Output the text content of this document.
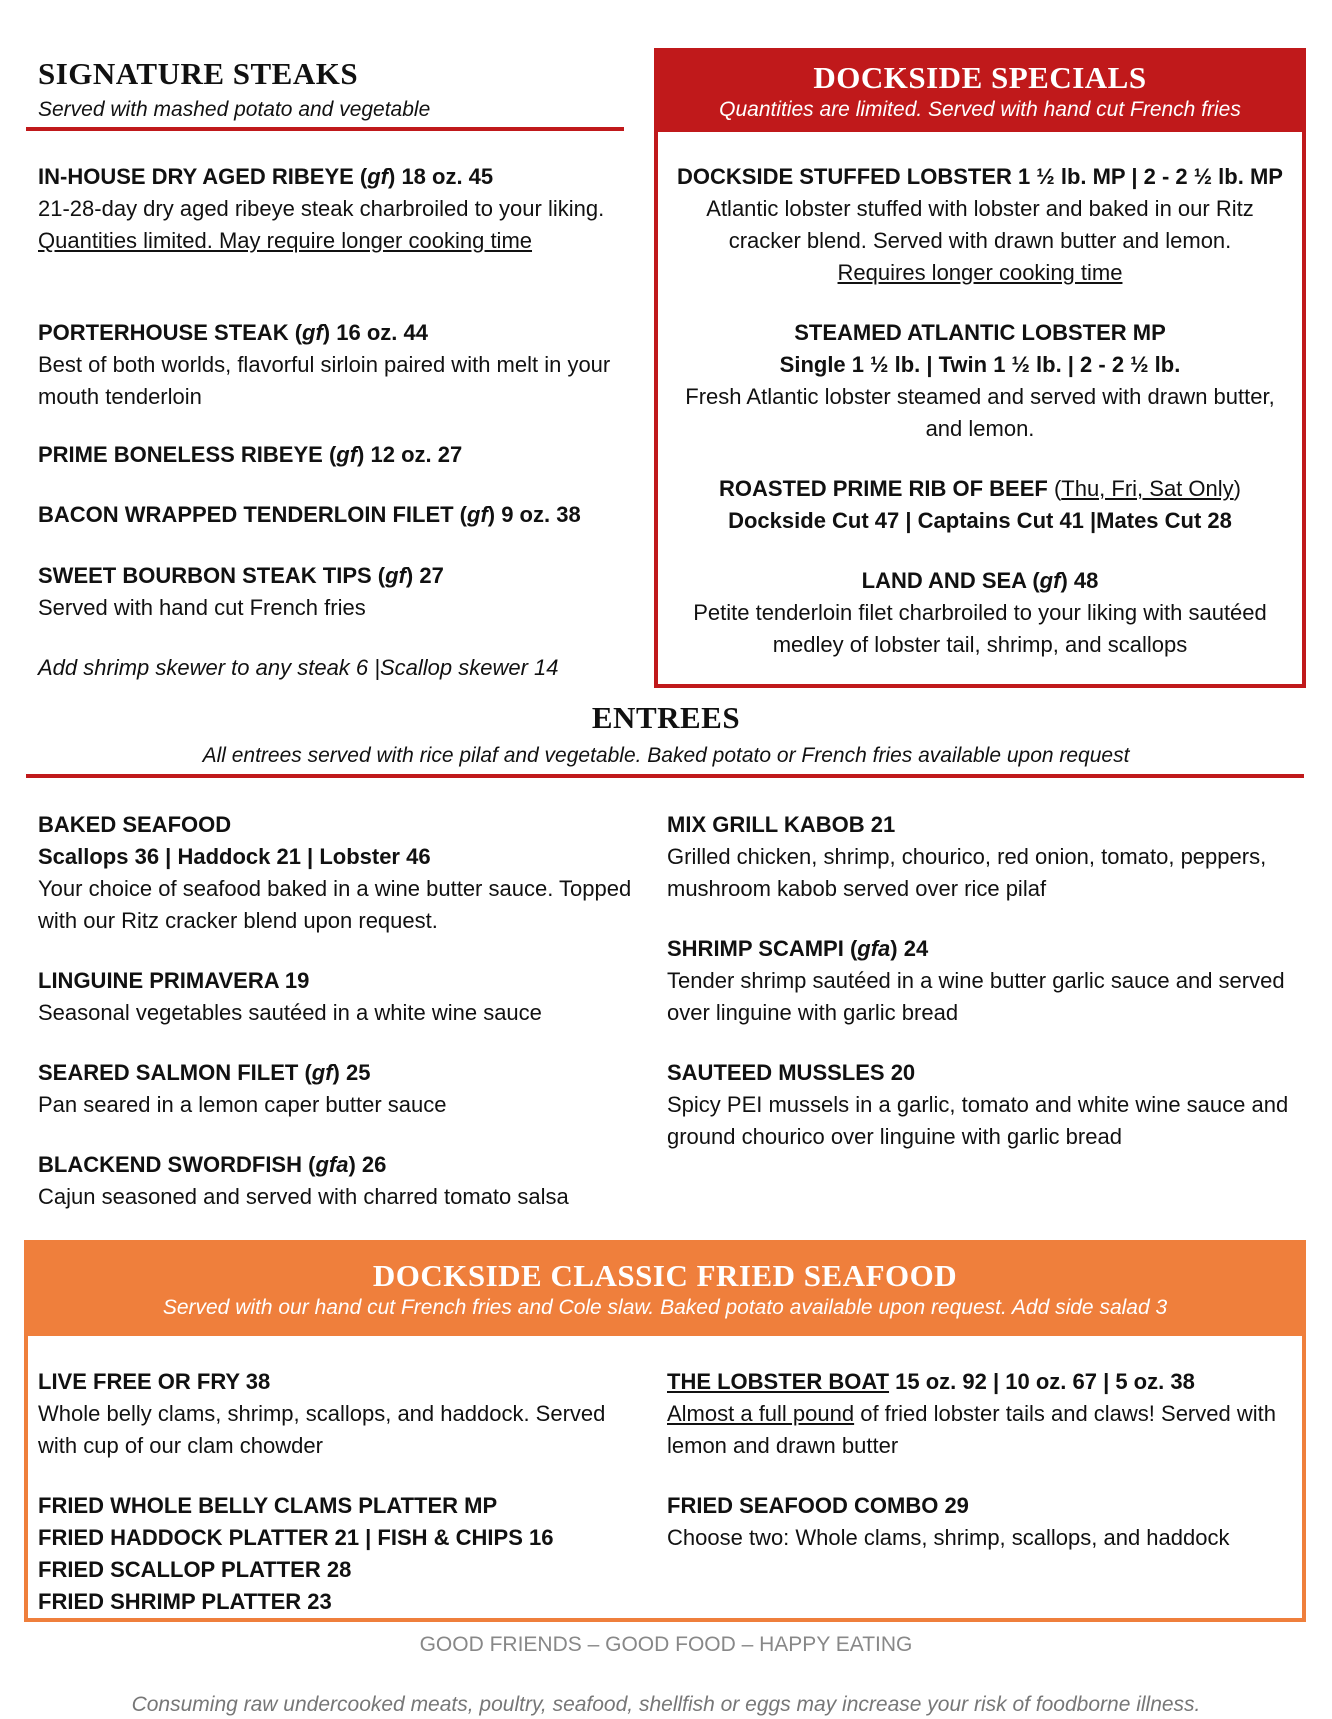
SIGNATURE STEAKS
Served with mashed potato and vegetable
IN-HOUSE DRY AGED RIBEYE (gf) 18 oz. 45
21-28-day dry aged ribeye steak charbroiled to your liking.
Quantities limited. May require longer cooking time
PORTERHOUSE STEAK (gf) 16 oz. 44
Best of both worlds, flavorful sirloin paired with melt in your mouth tenderloin
PRIME BONELESS RIBEYE (gf) 12 oz. 27
BACON WRAPPED TENDERLOIN FILET (gf) 9 oz. 38
SWEET BOURBON STEAK TIPS (gf) 27
Served with hand cut French fries
Add shrimp skewer to any steak 6 |Scallop skewer 14
DOCKSIDE SPECIALS
Quantities are limited. Served with hand cut French fries
DOCKSIDE STUFFED LOBSTER 1 ½ lb. MP | 2 - 2 ½ lb. MP
Atlantic lobster stuffed with lobster and baked in our Ritz cracker blend. Served with drawn butter and lemon.
Requires longer cooking time
STEAMED ATLANTIC LOBSTER MP
Single 1 ½ lb. | Twin 1 ½ lb. | 2 - 2 ½ lb.
Fresh Atlantic lobster steamed and served with drawn butter, and lemon.
ROASTED PRIME RIB OF BEEF (Thu, Fri, Sat Only)
Dockside Cut 47 | Captains Cut 41 |Mates Cut 28
LAND AND SEA (gf) 48
Petite tenderloin filet charbroiled to your liking with sautéed medley of lobster tail, shrimp, and scallops
ENTREES
All entrees served with rice pilaf and vegetable. Baked potato or French fries available upon request
BAKED SEAFOOD
Scallops 36 | Haddock 21 | Lobster 46
Your choice of seafood baked in a wine butter sauce. Topped with our Ritz cracker blend upon request.
LINGUINE PRIMAVERA 19
Seasonal vegetables sautéed in a white wine sauce
SEARED SALMON FILET (gf) 25
Pan seared in a lemon caper butter sauce
BLACKEND SWORDFISH (gfa) 26
Cajun seasoned and served with charred tomato salsa
MIX GRILL KABOB 21
Grilled chicken, shrimp, chourico, red onion, tomato, peppers, mushroom kabob served over rice pilaf
SHRIMP SCAMPI (gfa) 24
Tender shrimp sautéed in a wine butter garlic sauce and served over linguine with garlic bread
SAUTEED MUSSLES 20
Spicy PEI mussels in a garlic, tomato and white wine sauce and ground chourico over linguine with garlic bread
DOCKSIDE CLASSIC FRIED SEAFOOD
Served with our hand cut French fries and Cole slaw. Baked potato available upon request. Add side salad 3
LIVE FREE OR FRY 38
Whole belly clams, shrimp, scallops, and haddock. Served with cup of our clam chowder
FRIED WHOLE BELLY CLAMS PLATTER MP
FRIED HADDOCK PLATTER 21 | FISH & CHIPS 16
FRIED SCALLOP PLATTER 28
FRIED SHRIMP PLATTER 23
THE LOBSTER BOAT 15 oz. 92 | 10 oz. 67 | 5 oz. 38
Almost a full pound of fried lobster tails and claws! Served with lemon and drawn butter
FRIED SEAFOOD COMBO 29
Choose two: Whole clams, shrimp, scallops, and haddock
GOOD FRIENDS – GOOD FOOD – HAPPY EATING
Consuming raw undercooked meats, poultry, seafood, shellfish or eggs may increase your risk of foodborne illness.
